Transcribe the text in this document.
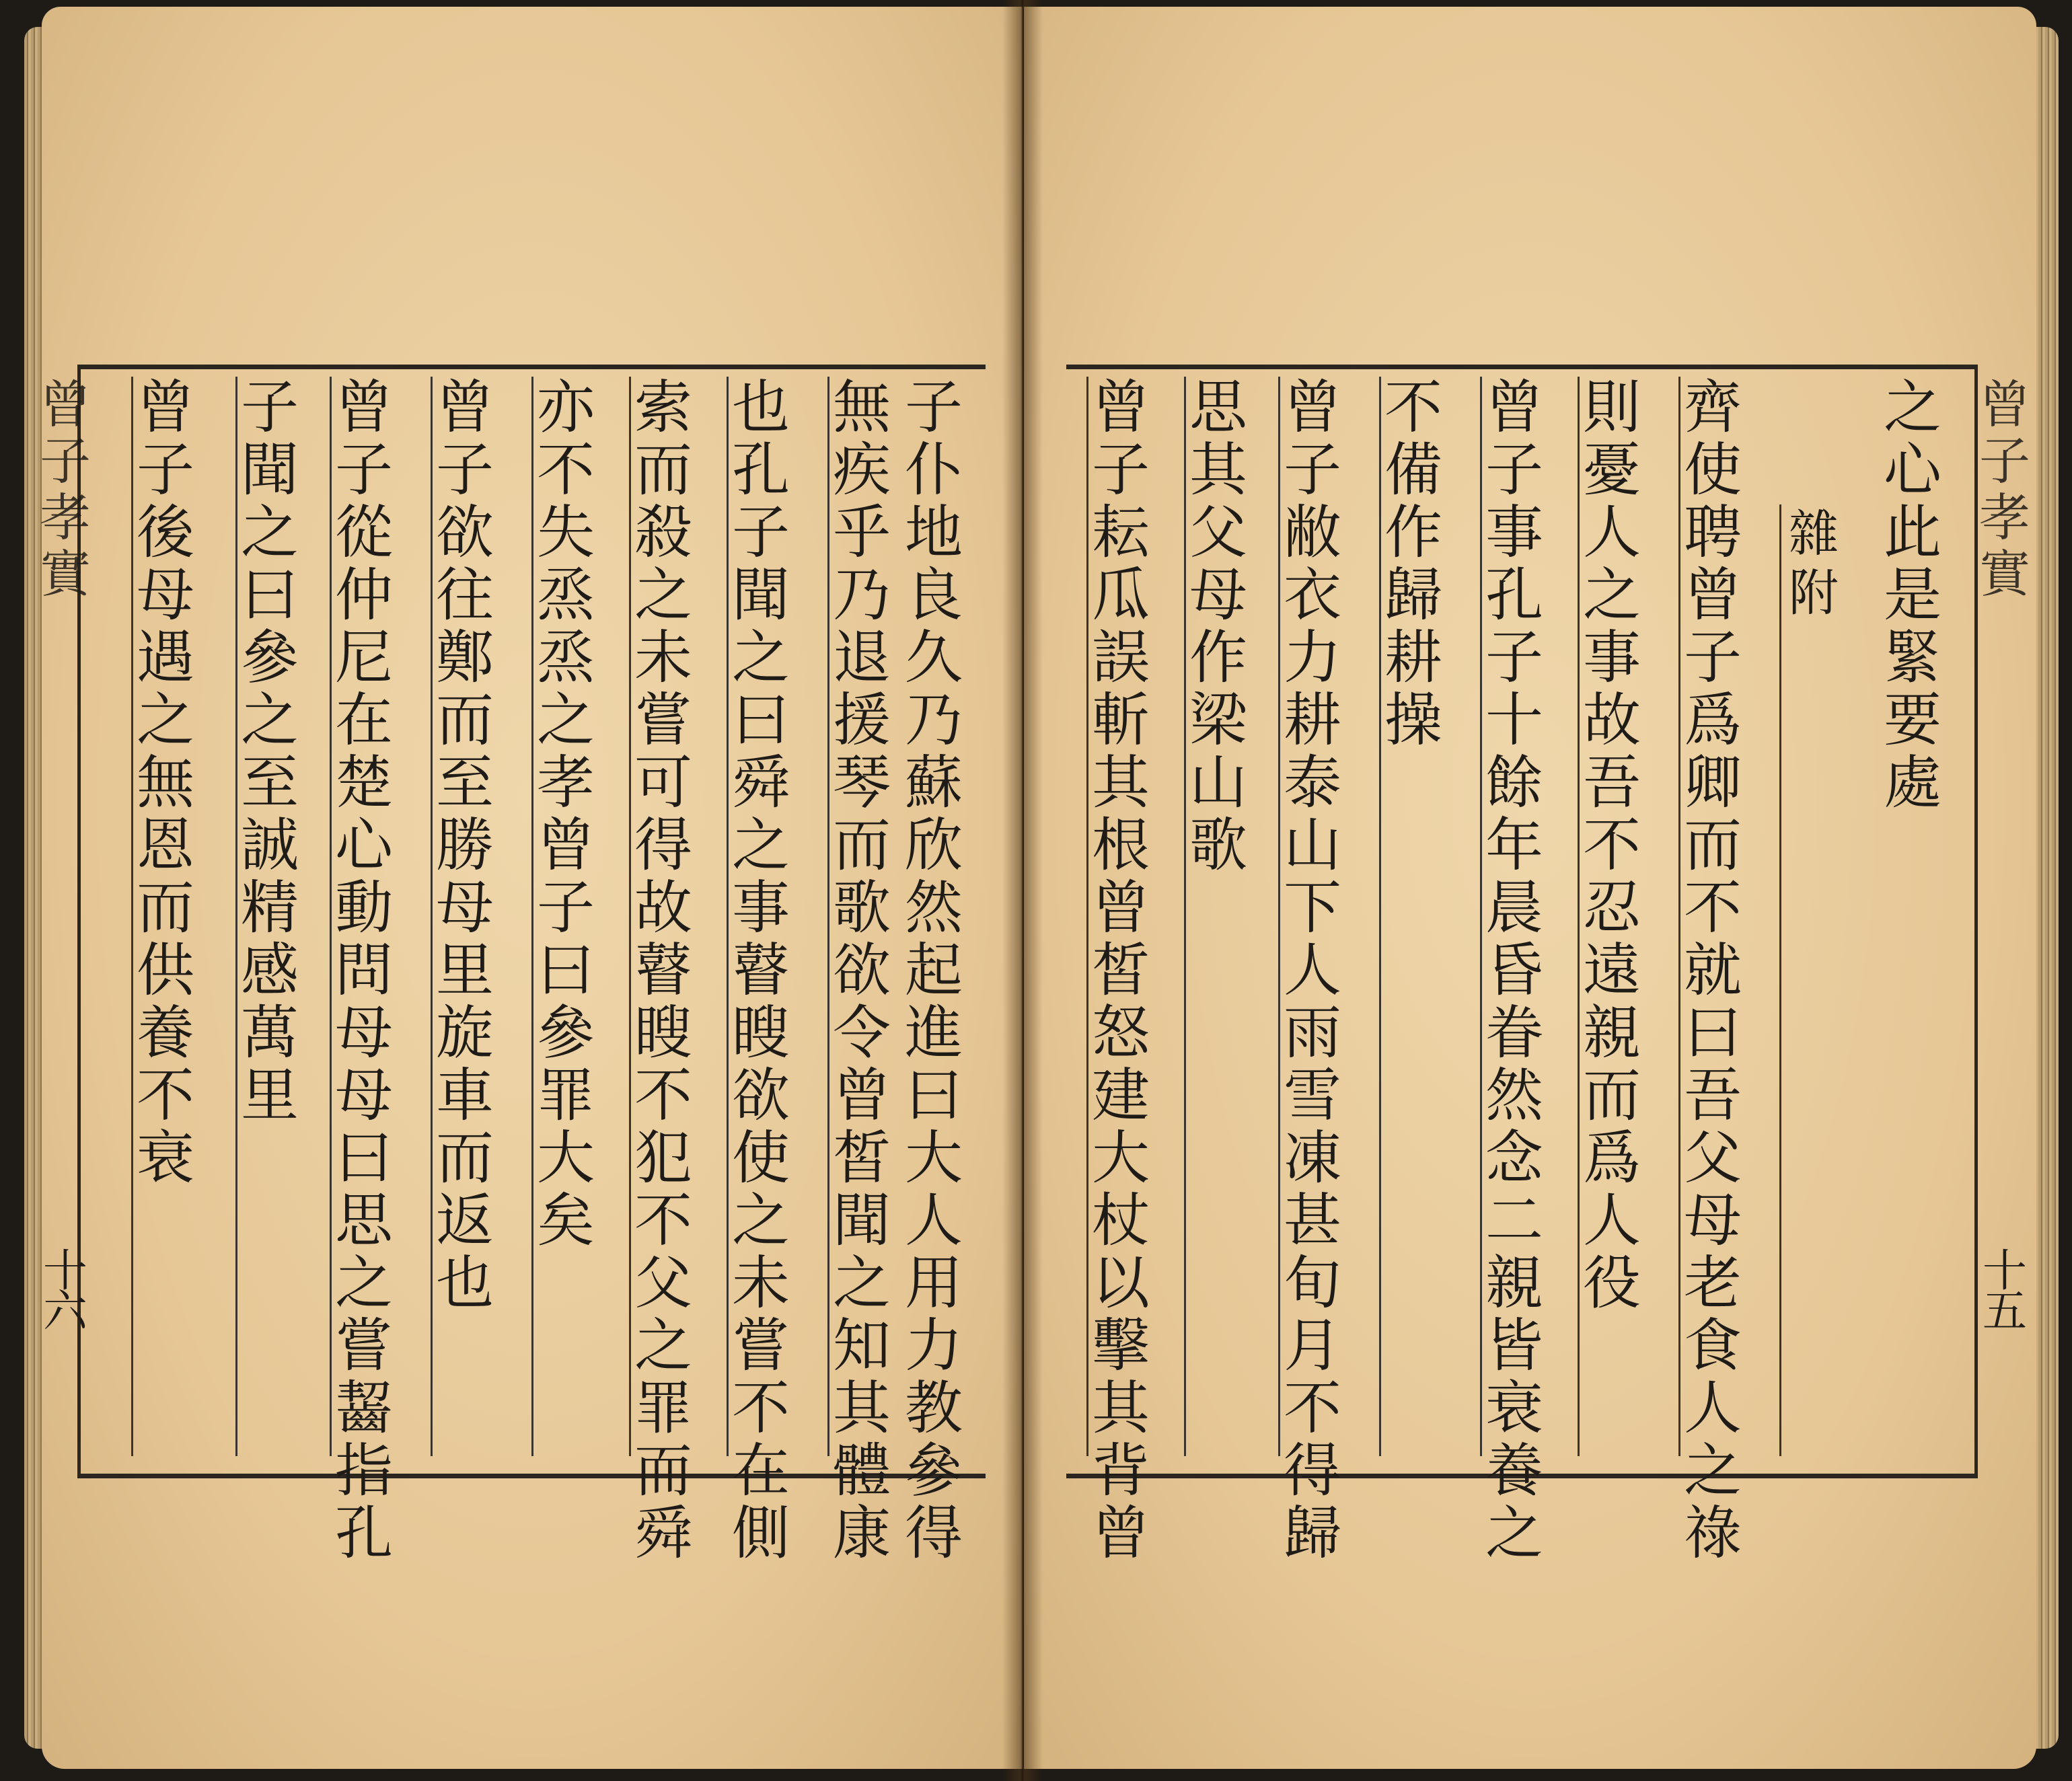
子
仆
地
良
久
乃
蘇
欣
然
起
進
曰
大
人
用
力
教
參
得
無
疾
乎
乃
退
援
琴
而
歌
欲
令
曾
皙
聞
之
知
其
體
康
也
孔
子
聞
之
曰
舜
之
事
瞽
瞍
欲
使
之
未
嘗
不
在
側
索
而
殺
之
未
嘗
可
得
故
瞽
瞍
不
犯
不
父
之
罪
而
舜
亦
不
失
烝
烝
之
孝
曾
子
曰
參
罪
大
矣
曾
子
欲
往
鄭
而
至
勝
母
里
旋
車
而
返
也
曾
子
從
仲
尼
在
楚
心
動
問
母
母
曰
思
之
嘗
齧
指
孔
子
聞
之
曰
參
之
至
誠
精
感
萬
里
曾
子
後
母
遇
之
無
恩
而
供
養
不
衰
曾
子
孝
實
十
六
之
心
此
是
緊
要
處
雜
附
齊
使
聘
曾
子
爲
卿
而
不
就
曰
吾
父
母
老
食
人
之
祿
則
憂
人
之
事
故
吾
不
忍
遠
親
而
爲
人
役
曾
子
事
孔
子
十
餘
年
晨
昏
眷
然
念
二
親
皆
衰
養
之
不
備
作
歸
耕
操
曾
子
敝
衣
力
耕
泰
山
下
人
雨
雪
凍
甚
旬
月
不
得
歸
思
其
父
母
作
梁
山
歌
曾
子
耘
瓜
誤
斬
其
根
曾
皙
怒
建
大
杖
以
擊
其
背
曾
曾
子
孝
實
十
五
